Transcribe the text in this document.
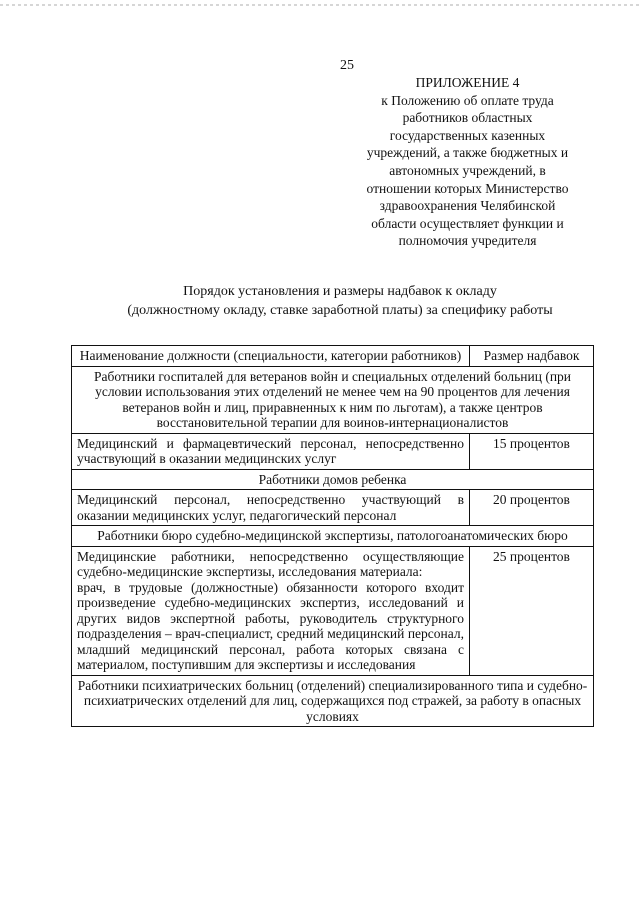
25
ПРИЛОЖЕНИЕ 4
к Положению об оплате труда
работников областных
государственных казенных
учреждений, а также бюджетных и
автономных учреждений, в
отношении которых Министерство
здравоохранения Челябинской
области осуществляет функции и
полномочия учредителя
Порядок установления и размеры надбавок к окладу
(должностному окладу, ставке заработной платы) за специфику работы
Наименование должности (специальности, категории работников)	Размер надбавок
Работники госпиталей для ветеранов войн и специальных отделений больниц (при условии использования этих отделений не менее чем на 90 процентов для лечения ветеранов войн и лиц, приравненных к ним по льготам), а также центров восстановительной терапии для воинов-интернационалистов	
Медицинский и фармацевтический персонал, непосредственно участвующий в оказании медицинских услуг	15 процентов
Работники домов ребенка	
Медицинский персонал, непосредственно участвующий в оказании медицинских услуг, педагогический персонал	20 процентов
Работники бюро судебно-медицинской экспертизы, патологоанатомических бюро	

Медицинские работники, непосредственно осуществляющие судебно-медицинские экспертизы, исследования материала:
врач, в трудовые (должностные) обязанности которого входит произведение судебно-медицинских экспертиз, исследований и других видов экспертной работы, руководитель структурного подразделения – врач-специалист, средний медицинский персонал, младший медицинский персонал, работа которых связана с материалом, поступившим для экспертизы и исследования	25 процентов
Работники психиатрических больниц (отделений) специализированного типа и судебно-психиатрических отделений для лиц, содержащихся под стражей, за работу в опасных условиях	
